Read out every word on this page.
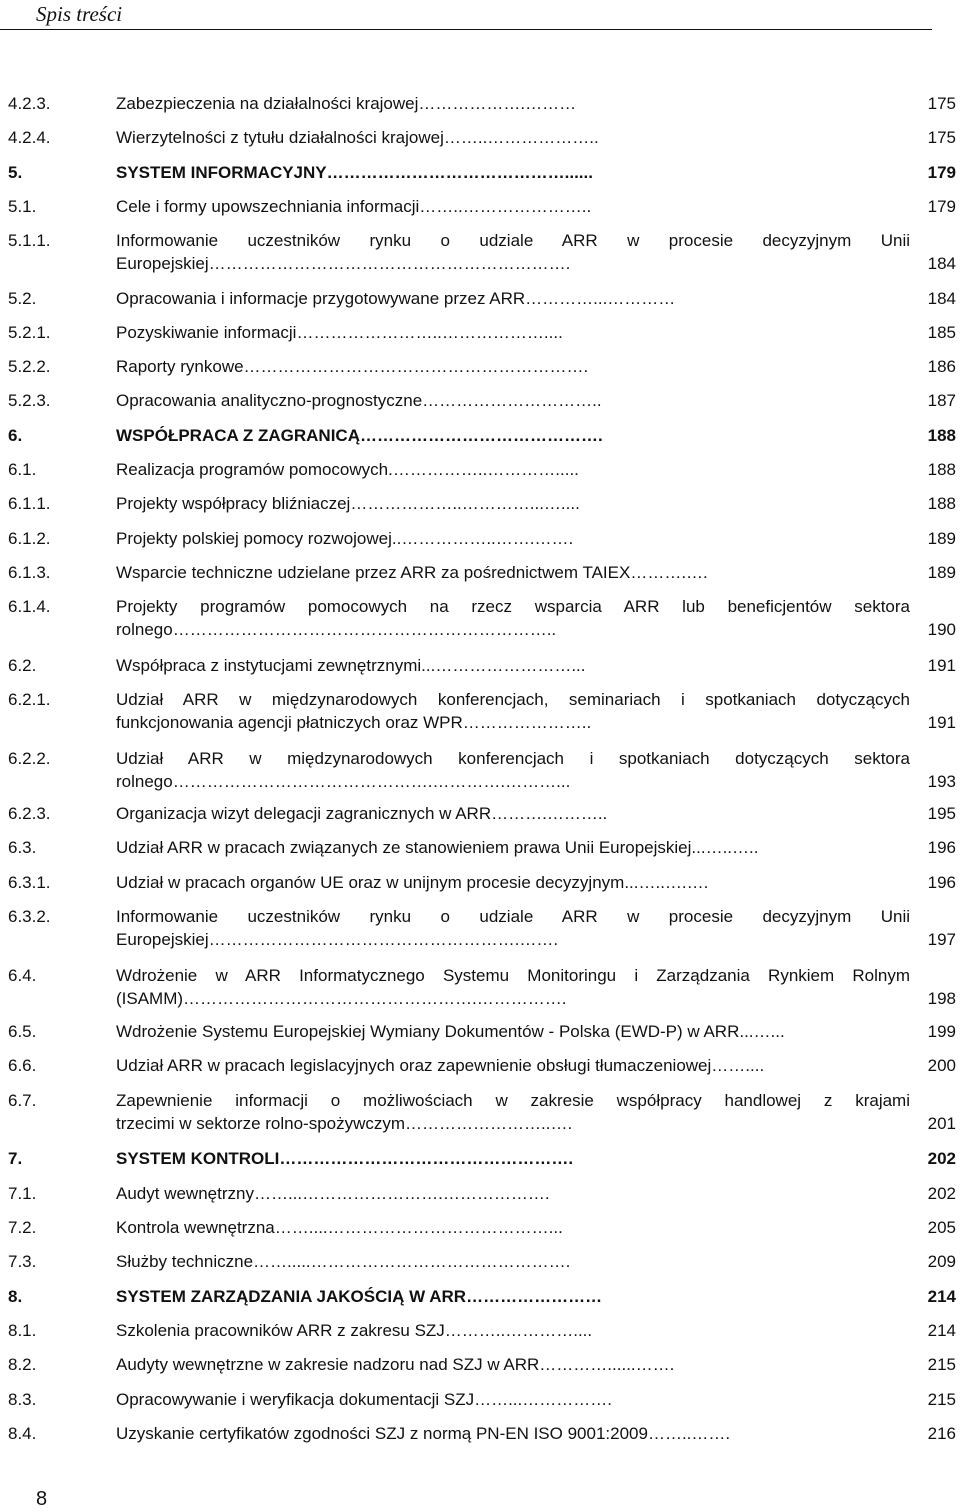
Spis treści
4.2.3.	Zabezpieczenia na działalności krajowej……………….………	175
4.2.4.	Wierzytelności z tytułu działalności krajowej……..………………..	175
5.	SYSTEM INFORMACYJNY……………………………………......	179
5.1.	Cele i formy upowszechniania informacji……..…………………..	179
5.1.1.	Informowanie uczestników rynku o udziale ARR w procesie decyzyjnym Unii
Europejskiej……………………………………………………….	184
5.2.	Opracowania i informacje przygotowywane przez ARR…………...…………	184
5.2.1.	Pozyskiwanie informacji……………………..………………....	185
5.2.2.	Raporty rynkowe…………………………………………………….	186
5.2.3.	Opracowania analityczno-prognostyczne…………………………..	187
6.	WSPÓŁPRACA Z ZAGRANICĄ…………………………………….	188
6.1.	Realizacja programów pomocowych.……………..………….....	188
6.1.1.	Projekty współpracy bliźniaczej………………..…………...…....	188
6.1.2.	Projekty polskiej pomocy rozwojowej..……………..…….…….	189
6.1.3.	Wsparcie techniczne udzielane przez ARR za pośrednictwem TAIEX……….….	189
6.1.4.	Projekty programów pomocowych na rzecz wsparcia ARR lub beneficjentów sektora
rolnego…………………………………………………………..	190
6.2.	Współpraca z instytucjami zewnętrznymi...……………………...	191
6.2.1.	Udział ARR w międzynarodowych konferencjach, seminariach i spotkaniach dotyczących
funkcjonowania agencji płatniczych oraz WPR…………………..	191
6.2.2.	Udział ARR w międzynarodowych konferencjach i spotkaniach dotyczących sektora
rolnego……………………………………….………….………...	193
6.2.3.	Organizacja wizyt delegacji zagranicznych w ARR……….………..	195
6.3.	Udział ARR w pracach związanych ze stanowieniem prawa Unii Europejskiej...…..…..	196
6.3.1.	Udział w pracach organów UE oraz w unijnym procesie decyzyjnym...…..….….	196
6.3.2.	Informowanie uczestników rynku o udziale ARR w procesie decyzyjnym Unii
Europejskiej……………………………………………….…….	197
6.4.	Wdrożenie w ARR Informatycznego Systemu Monitoringu i Zarządzania Rynkiem Rolnym
(ISAMM)…………………………………………….…………….	198
6.5.	Wdrożenie Systemu Europejskiej Wymiany Dokumentów - Polska (EWD-P) w ARR...…...	199
6.6.	Udział ARR w pracach legislacyjnych oraz zapewnienie obsługi tłumaczeniowej……....	200
6.7.	Zapewnienie informacji o możliwościach w zakresie współpracy handlowej z krajami
trzecimi w sektorze rolno-spożywczym……………………..….	201
7.	SYSTEM KONTROLI…………………………………………….	202
7.1.	Audyt wewnętrzny……...…………………….……………….	202
7.2.	Kontrola wewnętrzna……....…………………………………...	205
7.3.	Służby techniczne…….....……………………………………….	209
8.	SYSTEM ZARZĄDZANIA JAKOŚCIĄ W ARR……………………	214
8.1.	Szkolenia pracowników ARR z zakresu SZJ………..…………....	214
8.2.	Audyty wewnętrzne w zakresie nadzoru nad SZJ w ARR…………......…….	215
8.3.	Opracowywanie i weryfikacja dokumentacji SZJ……...…………….	215
8.4.	Uzyskanie certyfikatów zgodności SZJ z normą PN-EN ISO 9001:2009……..…….	216
8
